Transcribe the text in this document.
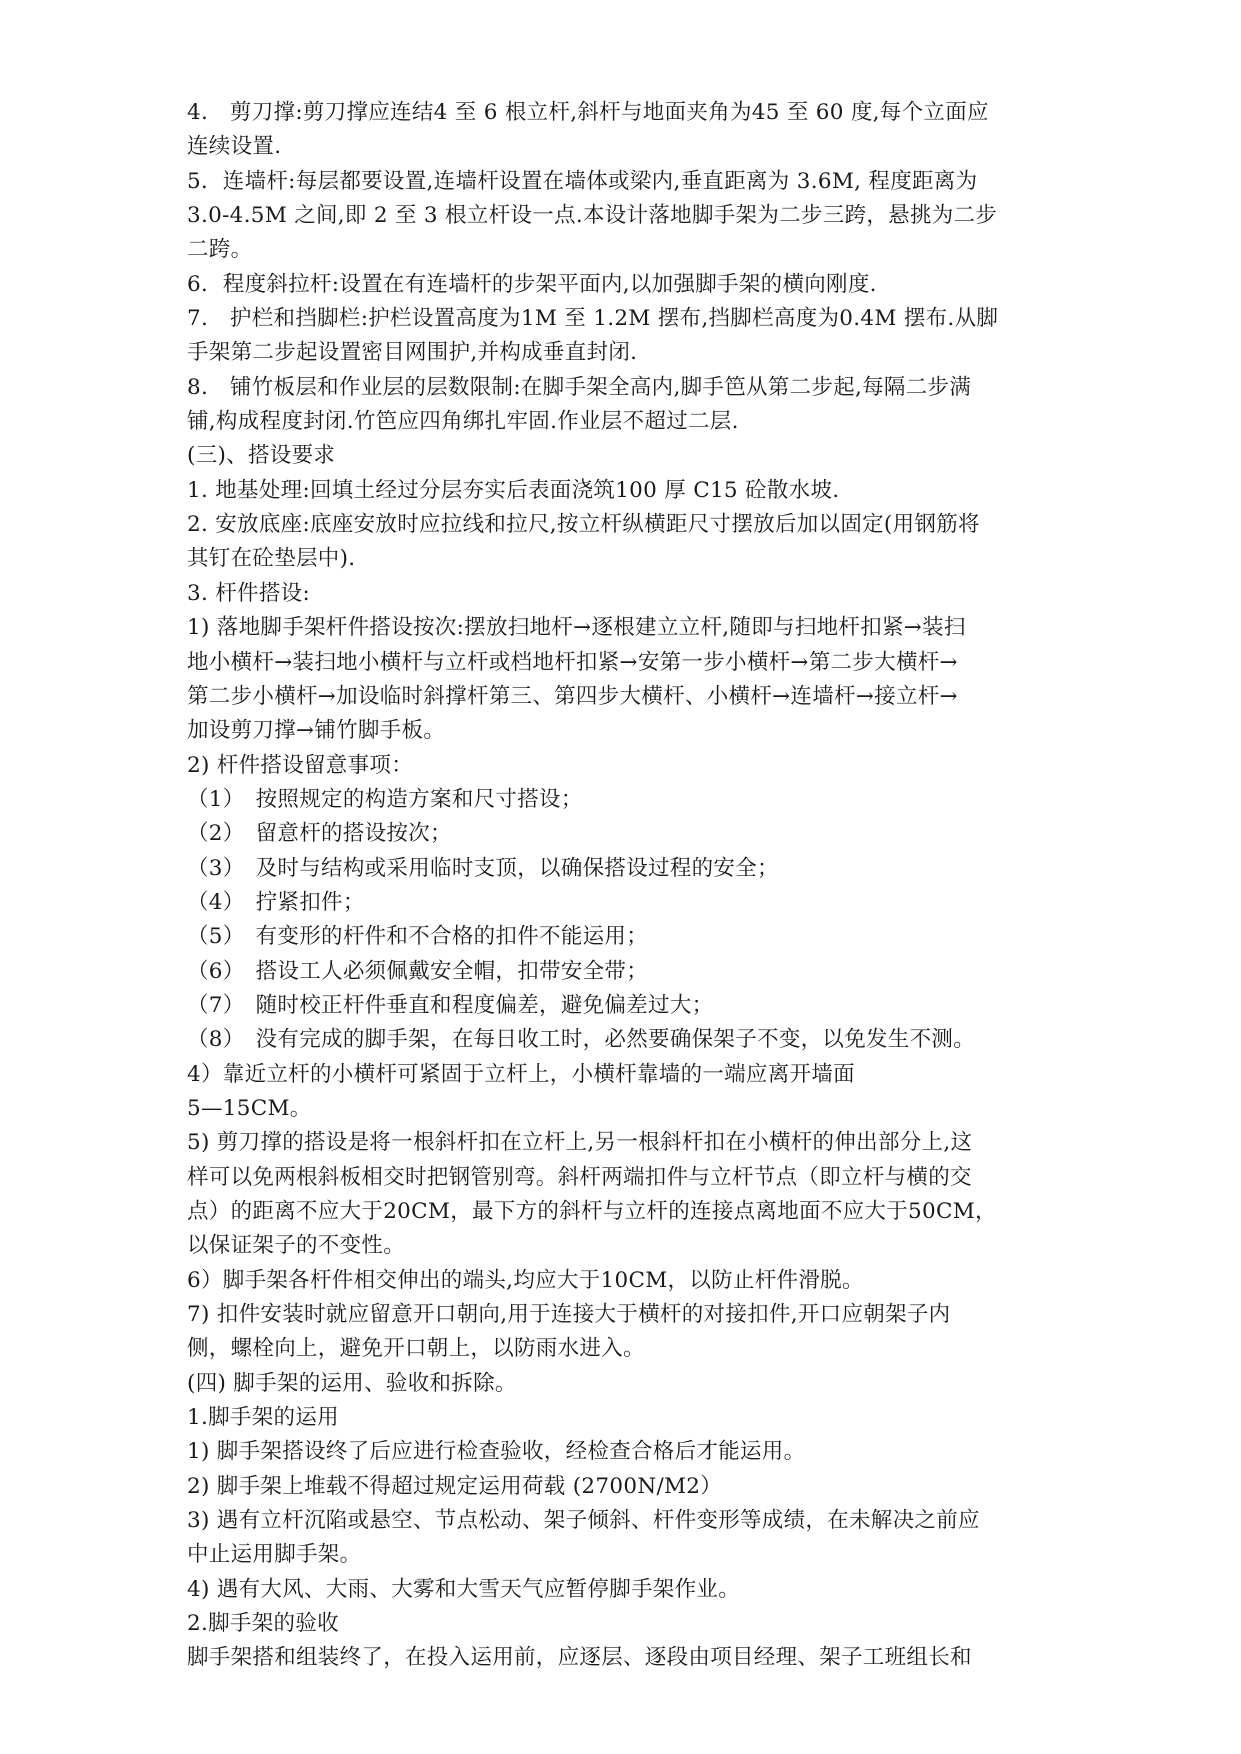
4.　剪刀撑:剪刀撑应连结4 至 6 根立杆,斜杆与地面夹角为45 至 60 度,每个立面应
连续设置.
5．连墙杆:每层都要设置,连墙杆设置在墙体或梁内,垂直距离为 3.6M, 程度距离为
3.0-4.5M 之间,即 2 至 3 根立杆设一点.本设计落地脚手架为二步三跨，悬挑为二步
二跨。
6．程度斜拉杆:设置在有连墙杆的步架平面内,以加强脚手架的横向刚度.
7.　护栏和挡脚栏:护栏设置高度为1M 至 1.2M 摆布,挡脚栏高度为0.4M 摆布.从脚
手架第二步起设置密目网围护,并构成垂直封闭.
8.　铺竹板层和作业层的层数限制:在脚手架全高内,脚手笆从第二步起,每隔二步满
铺,构成程度封闭.竹笆应四角绑扎牢固.作业层不超过二层.
(三)、搭设要求
1. 地基处理:回填土经过分层夯实后表面浇筑100 厚 C15 砼散水坡.
2. 安放底座:底座安放时应拉线和拉尺,按立杆纵横距尺寸摆放后加以固定(用钢筋将
其钉在砼垫层中).
3. 杆件搭设:
1) 落地脚手架杆件搭设按次:摆放扫地杆→逐根建立立杆,随即与扫地杆扣紧→装扫
地小横杆→装扫地小横杆与立杆或档地杆扣紧→安第一步小横杆→第二步大横杆→
第二步小横杆→加设临时斜撑杆第三、第四步大横杆、小横杆→连墙杆→接立杆→
加设剪刀撑→铺竹脚手板。
2) 杆件搭设留意事项：
（1）　按照规定的构造方案和尺寸搭设；
（2）　留意杆的搭设按次；
（3）　及时与结构或采用临时支顶，以确保搭设过程的安全；
（4）　拧紧扣件；
（5）　有变形的杆件和不合格的扣件不能运用；
（6）　搭设工人必须佩戴安全帽，扣带安全带；
（7）　随时校正杆件垂直和程度偏差，避免偏差过大；
（8）　没有完成的脚手架，在每日收工时，必然要确保架子不变，以免发生不测。
4）靠近立杆的小横杆可紧固于立杆上，小横杆靠墙的一端应离开墙面
5—15CM。
5) 剪刀撑的搭设是将一根斜杆扣在立杆上,另一根斜杆扣在小横杆的伸出部分上,这
样可以免两根斜板相交时把钢管别弯。斜杆两端扣件与立杆节点（即立杆与横的交
点）的距离不应大于20CM，最下方的斜杆与立杆的连接点离地面不应大于50CM，
以保证架子的不变性。
6）脚手架各杆件相交伸出的端头,均应大于10CM，以防止杆件滑脱。
7) 扣件安装时就应留意开口朝向,用于连接大于横杆的对接扣件,开口应朝架子内
侧，螺栓向上，避免开口朝上，以防雨水进入。
(四) 脚手架的运用、验收和拆除。
1.脚手架的运用
1) 脚手架搭设终了后应进行检查验收，经检查合格后才能运用。
2) 脚手架上堆载不得超过规定运用荷载 (2700N/M2）
3) 遇有立杆沉陷或悬空、节点松动、架子倾斜、杆件变形等成绩，在未解决之前应
中止运用脚手架。
4) 遇有大风、大雨、大雾和大雪天气应暂停脚手架作业。
2.脚手架的验收
脚手架搭和组装终了，在投入运用前，应逐层、逐段由项目经理、架子工班组长和
